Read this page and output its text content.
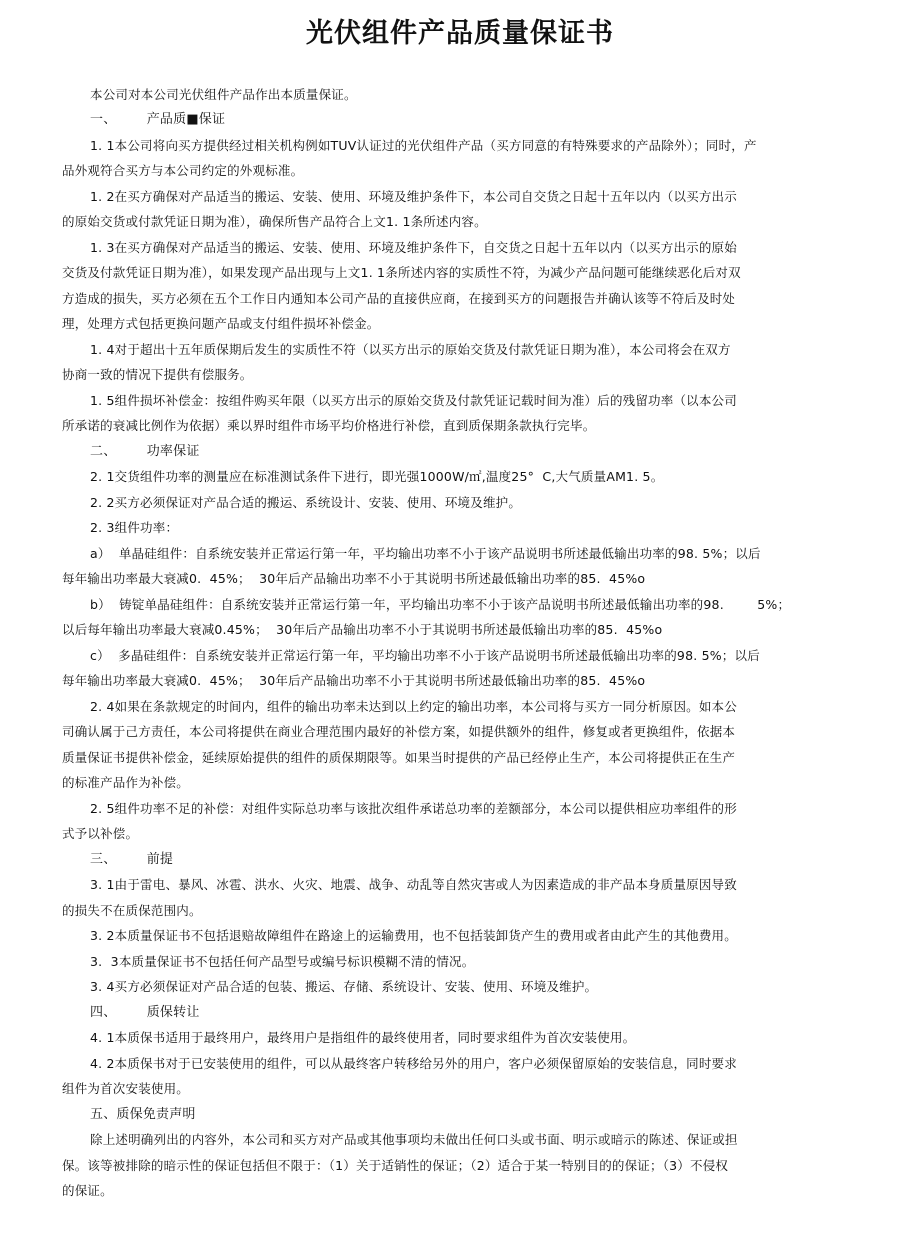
光伏组件产品质量保证书
本公司对本公司光伏组件产品作出本质量保证。
一、       产品质■保证
1. 1本公司将向买方提供经过相关机构例如TUV认证过的光伏组件产品（买方同意的有特殊要求的产品除外）；同时，产
品外观符合买方与本公司约定的外观标准。
1. 2在买方确保对产品适当的搬运、安装、使用、环境及维护条件下，本公司自交货之日起十五年以内（以买方出示
的原始交货或付款凭证日期为准），确保所售产品符合上文1. 1条所述内容。
1. 3在买方确保对产品适当的搬运、安装、使用、环境及维护条件下，自交货之日起十五年以内（以买方出示的原始
交货及付款凭证日期为准），如果发现产品出现与上文1. 1条所述内容的实质性不符，为减少产品问题可能继续恶化后对双
方造成的损失，买方必须在五个工作日内通知本公司产品的直接供应商，在接到买方的问题报告并确认该等不符后及时处
理，处理方式包括更换问题产品或支付组件损坏补偿金。
1. 4对于超出十五年质保期后发生的实质性不符（以买方出示的原始交货及付款凭证日期为准），本公司将会在双方
协商一致的情况下提供有偿服务。
1. 5组件损坏补偿金：按组件购买年限（以买方出示的原始交货及付款凭证记载时间为准）后的残留功率（以本公司
所承诺的衰减比例作为依据）乘以界时组件市场平均价格进行补偿，直到质保期条款执行完毕。
二、       功率保证
2. 1交货组件功率的测量应在标准测试条件下进行，即光强1000W/㎡,温度25°  C,大气质量AM1. 5。
2. 2买方必须保证对产品合适的搬运、系统设计、安装、使用、环境及维护。
2. 3组件功率：
a）  单晶硅组件：自系统安装并正常运行第一年，平均输出功率不小于该产品说明书所述最低输出功率的98. 5%；以后
每年输出功率最大衰减0.  45%；  30年后产品输出功率不小于其说明书所述最低输出功率的85.  45%o
b）  铸锭单晶硅组件：自系统安装并正常运行第一年，平均输出功率不小于该产品说明书所述最低输出功率的98.        5%；
以后每年输出功率最大衰减0.45%；  30年后产品输出功率不小于其说明书所述最低输出功率的85.  45%o
c）  多晶硅组件：自系统安装并正常运行第一年，平均输出功率不小于该产品说明书所述最低输出功率的98. 5%；以后
每年输出功率最大衰减0.  45%；  30年后产品输出功率不小于其说明书所述最低输出功率的85.  45%o
2. 4如果在条款规定的时间内，组件的输出功率未达到以上约定的输出功率，本公司将与买方一同分析原因。如本公
司确认属于己方责任，本公司将提供在商业合理范围内最好的补偿方案，如提供额外的组件，修复或者更换组件，依据本
质量保证书提供补偿金，延续原始提供的组件的质保期限等。如果当时提供的产品已经停止生产，本公司将提供正在生产
的标准产品作为补偿。
2. 5组件功率不足的补偿：对组件实际总功率与该批次组件承诺总功率的差额部分，本公司以提供相应功率组件的形
式予以补偿。
三、       前提
3. 1由于雷电、暴风、冰雹、洪水、火灾、地震、战争、动乱等自然灾害或人为因素造成的非产品本身质量原因导致
的损失不在质保范围内。
3. 2本质量保证书不包括退赔故障组件在路途上的运输费用，也不包括装卸货产生的费用或者由此产生的其他费用。
3.  3本质量保证书不包括任何产品型号或编号标识模糊不清的情况。
3. 4买方必须保证对产品合适的包装、搬运、存储、系统设计、安装、使用、环境及维护。
四、       质保转让
4. 1本质保书适用于最终用户，最终用户是指组件的最终使用者，同时要求组件为首次安装使用。
4. 2本质保书对于已安装使用的组件，可以从最终客户转移给另外的用户，客户必须保留原始的安装信息，同时要求
组件为首次安装使用。
五、质保免责声明
除上述明确列出的内容外，本公司和买方对产品或其他事项均未做出任何口头或书面、明示或暗示的陈述、保证或担
保。该等被排除的暗示性的保证包括但不限于：（1）关于适销性的保证；（2）适合于某一特别目的的保证；（3）不侵权
的保证。
